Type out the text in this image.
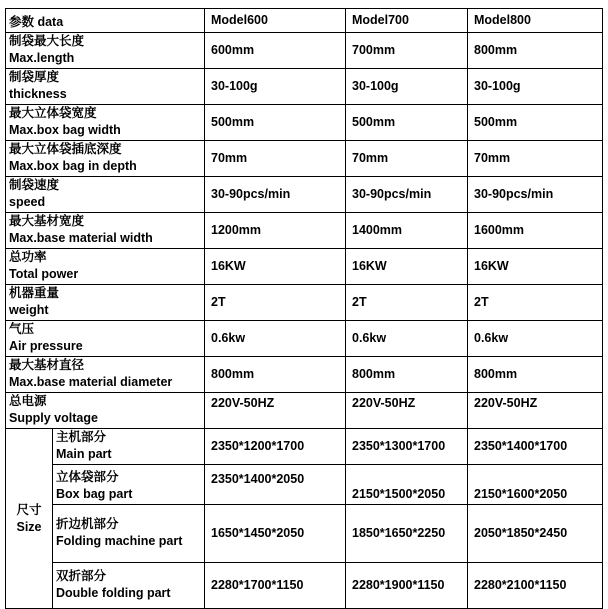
参数 data		Model600	Model700	Model800

制袋最大长度
Max.length		600mm	700mm	800mm

制袋厚度
thickness		30-100g	30-100g	30-100g

最大立体袋宽度
Max.box bag width		500mm	500mm	500mm

最大立体袋插底深度
Max.box bag in depth		70mm	70mm	70mm

制袋速度
speed		30-90pcs/min	30-90pcs/min	30-90pcs/min

最大基材宽度
Max.base material width		1200mm	1400mm	1600mm

总功率
Total power		16KW	16KW	16KW

机器重量
weight		2T	2T	2T

气压
Air pressure		0.6kw	0.6kw	0.6kw

最大基材直径
Max.base material diameter		800mm	800mm	800mm

总电源
Supply voltage		220V-50HZ	220V-50HZ	220V-50HZ

尺寸
Size	主机部分
Main part	2350*1200*1700	2350*1300*1700	2350*1400*1700

	立体袋部分
Box bag part	2350*1400*2050	2150*1500*2050	2150*1600*2050

	折边机部分
Folding machine part	1650*1450*2050	1850*1650*2250	2050*1850*2450

	双折部分
Double folding part	2280*1700*1150	2280*1900*1150	2280*2100*1150
